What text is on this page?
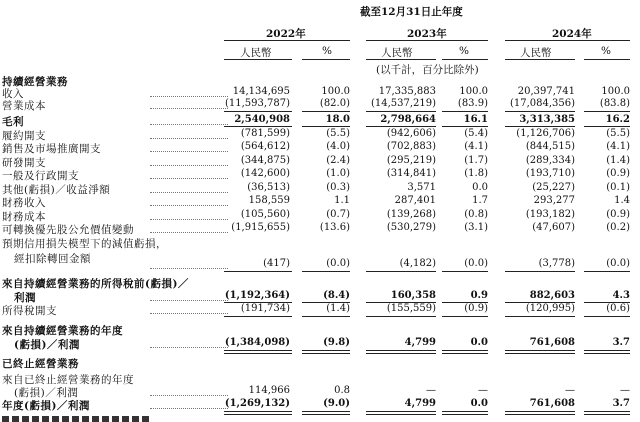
截至12月31日止年度
2022年	2023年	2024年
人民幣	%	人民幣	%	人民幣	%
(以千計，百分比除外)
持續經營業務
已終止經營業務
收入	14,134,695	100.0	17,335,883 100.0	20,397,741	100.0
營業成本	(11,593,787)	(82.0) (14,537,219) (83.9) (17,084,356) (83.8)
毛利	2,540,908	18.0	2,798,664	16.1	3,313,385	16.2
履約開支	(781,599)	(5.5)	(942,606)	(5.4)	(1,126,706)	(5.5)
銷售及市場推廣開支	(564,612)	(4.0)	(702,883)	(4.1)	(844,515)	(4.1)
研發開支	(344,875)	(2.4)	(295,219)	(1.7)	(289,334)	(1.4)
一般及行政開支	(142,600)	(1.0)	(314,841)	(1.8)	(193,710)	(0.9)
其他(虧損)／收益淨額	(36,513)	(0.3)	3,571	0.0	(25,227)	(0.1)
財務收入	158,559	1.1	287,401	1.7	293,277	1.4
財務成本	(105,560)	(0.7)	(139,268)	(0.8)	(193,182)	(0.9)
可轉換優先股公允價值變動	(1,915,655)	(13.6)	(530,279)	(3.1)	(47,607)	(0.2)
預期信用損失模型下的減值虧損，
經扣除轉回金額	(417)	(0.0)	(4,182)	(0.0)	(3,778)	(0.0)
來自持續經營業務的所得稅前(虧損)／
利潤	(1,192,364)	(8.4)	160,358	0.9	882,603	4.3
所得稅開支	(191,734)	(1.4)	(155,559)	(0.9)	(120,995)	(0.6)
來自持續經營業務的年度
(虧損)／利潤	(1,384,098)	(9.8)	4,799	0.0	761,608	3.7
來自已終止經營業務的年度
(虧損)／利潤	114,966	0.8	—	—	—	—
年度(虧損)／利潤	(1,269,132)	(9.0)	4,799	0.0	761,608	3.7
